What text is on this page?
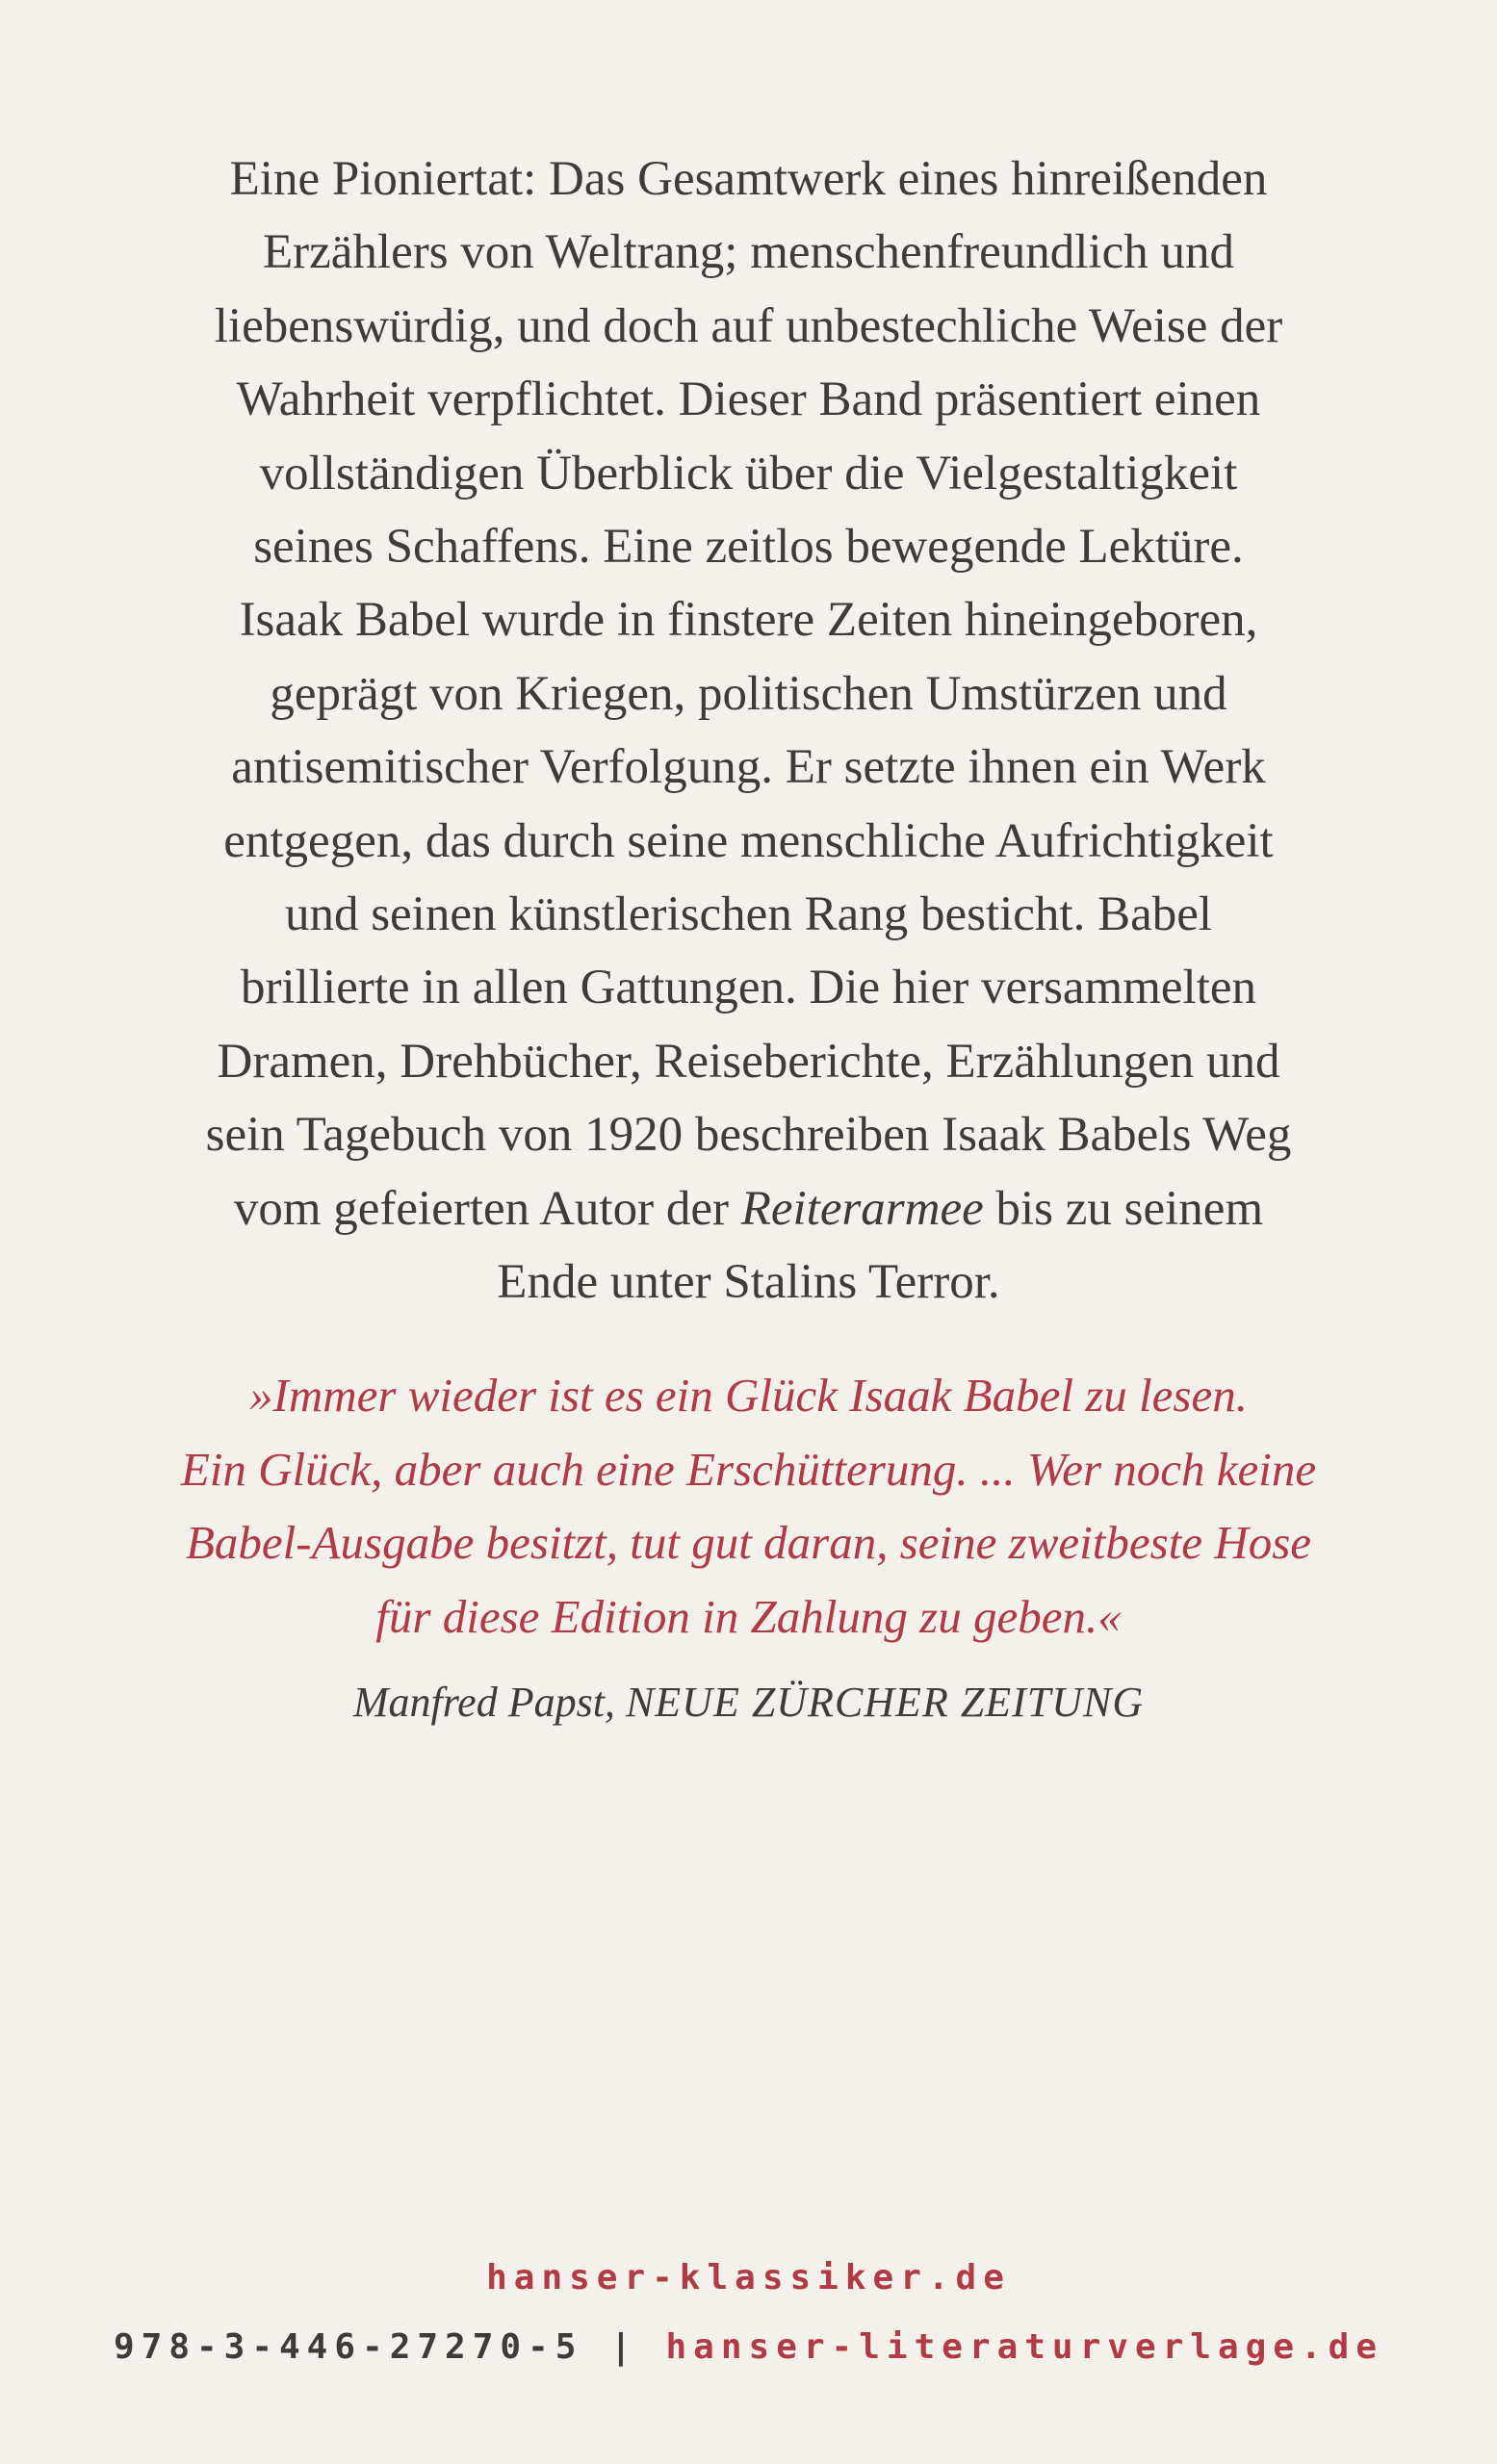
Eine Pioniertat: Das Gesamtwerk eines hinreißenden
Erzählers von Weltrang; menschenfreundlich und
liebenswürdig, und doch auf unbestechliche Weise der
Wahrheit verpflichtet. Dieser Band präsentiert einen
vollständigen Überblick über die Vielgestaltigkeit
seines Schaffens. Eine zeitlos bewegende Lektüre.
Isaak Babel wurde in finstere Zeiten hineingeboren,
geprägt von Kriegen, politischen Umstürzen und
antisemitischer Verfolgung. Er setzte ihnen ein Werk
entgegen, das durch seine menschliche Aufrichtigkeit
und seinen künstlerischen Rang besticht. Babel
brillierte in allen Gattungen. Die hier versammelten
Dramen, Drehbücher, Reiseberichte, Erzählungen und
sein Tagebuch von 1920 beschreiben Isaak Babels Weg
vom gefeierten Autor der Reiterarmee bis zu seinem
Ende unter Stalins Terror.
»Immer wieder ist es ein Glück Isaak Babel zu lesen.
Ein Glück, aber auch eine Erschütterung. ... Wer noch keine
Babel-Ausgabe besitzt, tut gut daran, seine zweitbeste Hose
für diese Edition in Zahlung zu geben.«
Manfred Papst, NEUE ZÜRCHER ZEITUNG
hanser-klassiker.de
978-3-446-27270-5 | hanser-literaturverlage.de
